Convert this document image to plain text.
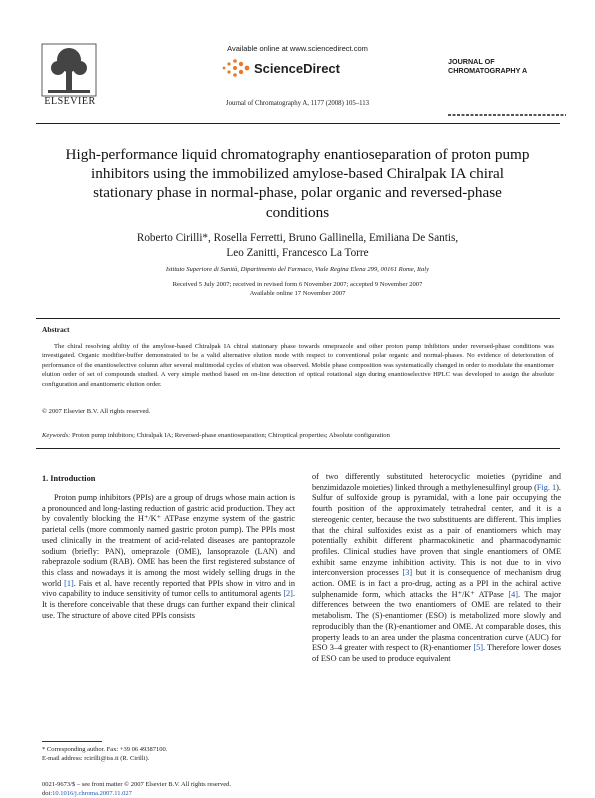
ELSEVIER
Available online at www.sciencedirect.com
ScienceDirect
Journal of Chromatography A, 1177 (2008) 105–113
JOURNAL OF
CHROMATOGRAPHY A
High-performance liquid chromatography enantioseparation of proton pump inhibitors using the immobilized amylose-based Chiralpak IA chiral stationary phase in normal-phase, polar organic and reversed-phase conditions
Roberto Cirilli*, Rosella Ferretti, Bruno Gallinella, Emiliana De Santis,
Leo Zanitti, Francesco La Torre
Istituto Superiore di Sanità, Dipartimento del Farmaco, Viale Regina Elena 299, 00161 Rome, Italy
Received 5 July 2007; received in revised form 6 November 2007; accepted 9 November 2007
Available online 17 November 2007
Abstract
The chiral resolving ability of the amylose-based Chiralpak IA chiral stationary phase towards omeprazole and other proton pump inhibitors under reversed-phase conditions was investigated. Organic modifier-buffer demonstrated to be a valid alternative elution mode with respect to conventional polar organic and normal-phases. No evidence of deterioration of performance of the enantioselective column after several multimodal cycles of elution was observed. Mobile phase composition was systematically changed in order to modulate the enantiomer elution order of set of compounds studied. A very simple method based on on-line detection of optical rotational sign during enantioselective HPLC was developed to assign the absolute configuration and enantiomeric elution order.
© 2007 Elsevier B.V. All rights reserved.
Keywords: Proton pump inhibitors; Chiralpak IA; Reversed-phase enantioseparation; Chiroptical properties; Absolute configuration
1. Introduction
Proton pump inhibitors (PPIs) are a group of drugs whose main action is a pronounced and long-lasting reduction of gastric acid production. They act by covalently blocking the H⁺/K⁺ ATPase enzyme system of the gastric parietal cells (more commonly named gastric proton pump). The PPIs most used clinically in the treatment of acid-related diseases are pantoprazole sodium (briefly: PAN), omeprazole (OME), lansoprazole (LAN) and rabeprazole sodium (RAB). OME has been the first registered substance of this class and nowadays it is among the most widely selling drugs in the world [1]. Fais et al. have recently reported that PPIs show in vitro and in vivo capability to induce sensitivity of tumor cells to antitumoral agents [2]. It is therefore conceivable that these drugs can further expand their clinical use. The structure of above cited PPIs consists
of two differently substituted heterocyclic moieties (pyridine and benzimidazole moieties) linked through a methylenesulfinyl group (Fig. 1). Sulfur of sulfoxide group is pyramidal, with a lone pair occupying the fourth position of the approximately tetrahedral center, and it is a stereogenic center, because the two substituents are different. This implies that the chiral sulfoxides exist as a pair of enantiomers which may potentially exhibit different pharmacokinetic and pharmacodynamic profiles. Clinical studies have proven that single enantiomers of OME exhibit same enzyme inhibition activity. This is not due to in vivo interconversion processes [3] but it is consequence of mechanism drug action. OME is in fact a pro-drug, acting as a PPI in the achiral active sulphenamide form, which attacks the H⁺/K⁺ ATPase [4]. The major differences between the two enantiomers of OME are related to their metabolism. The (S)-enantiomer (ESO) is metabolized more slowly and reproducibly than the (R)-enantiomer and OME. At comparable doses, this property leads to an area under the plasma concentration curve (AUC) for ESO 3–4 greater with respect to (R)-enantiomer [5]. Therefore lower doses of ESO can be used to produce equivalent
* Corresponding author. Fax: +39 06 49387100.
E-mail address: rcirilli@iss.it (R. Cirilli).
0021-9673/$ – see front matter © 2007 Elsevier B.V. All rights reserved.
doi:10.1016/j.chroma.2007.11.027
